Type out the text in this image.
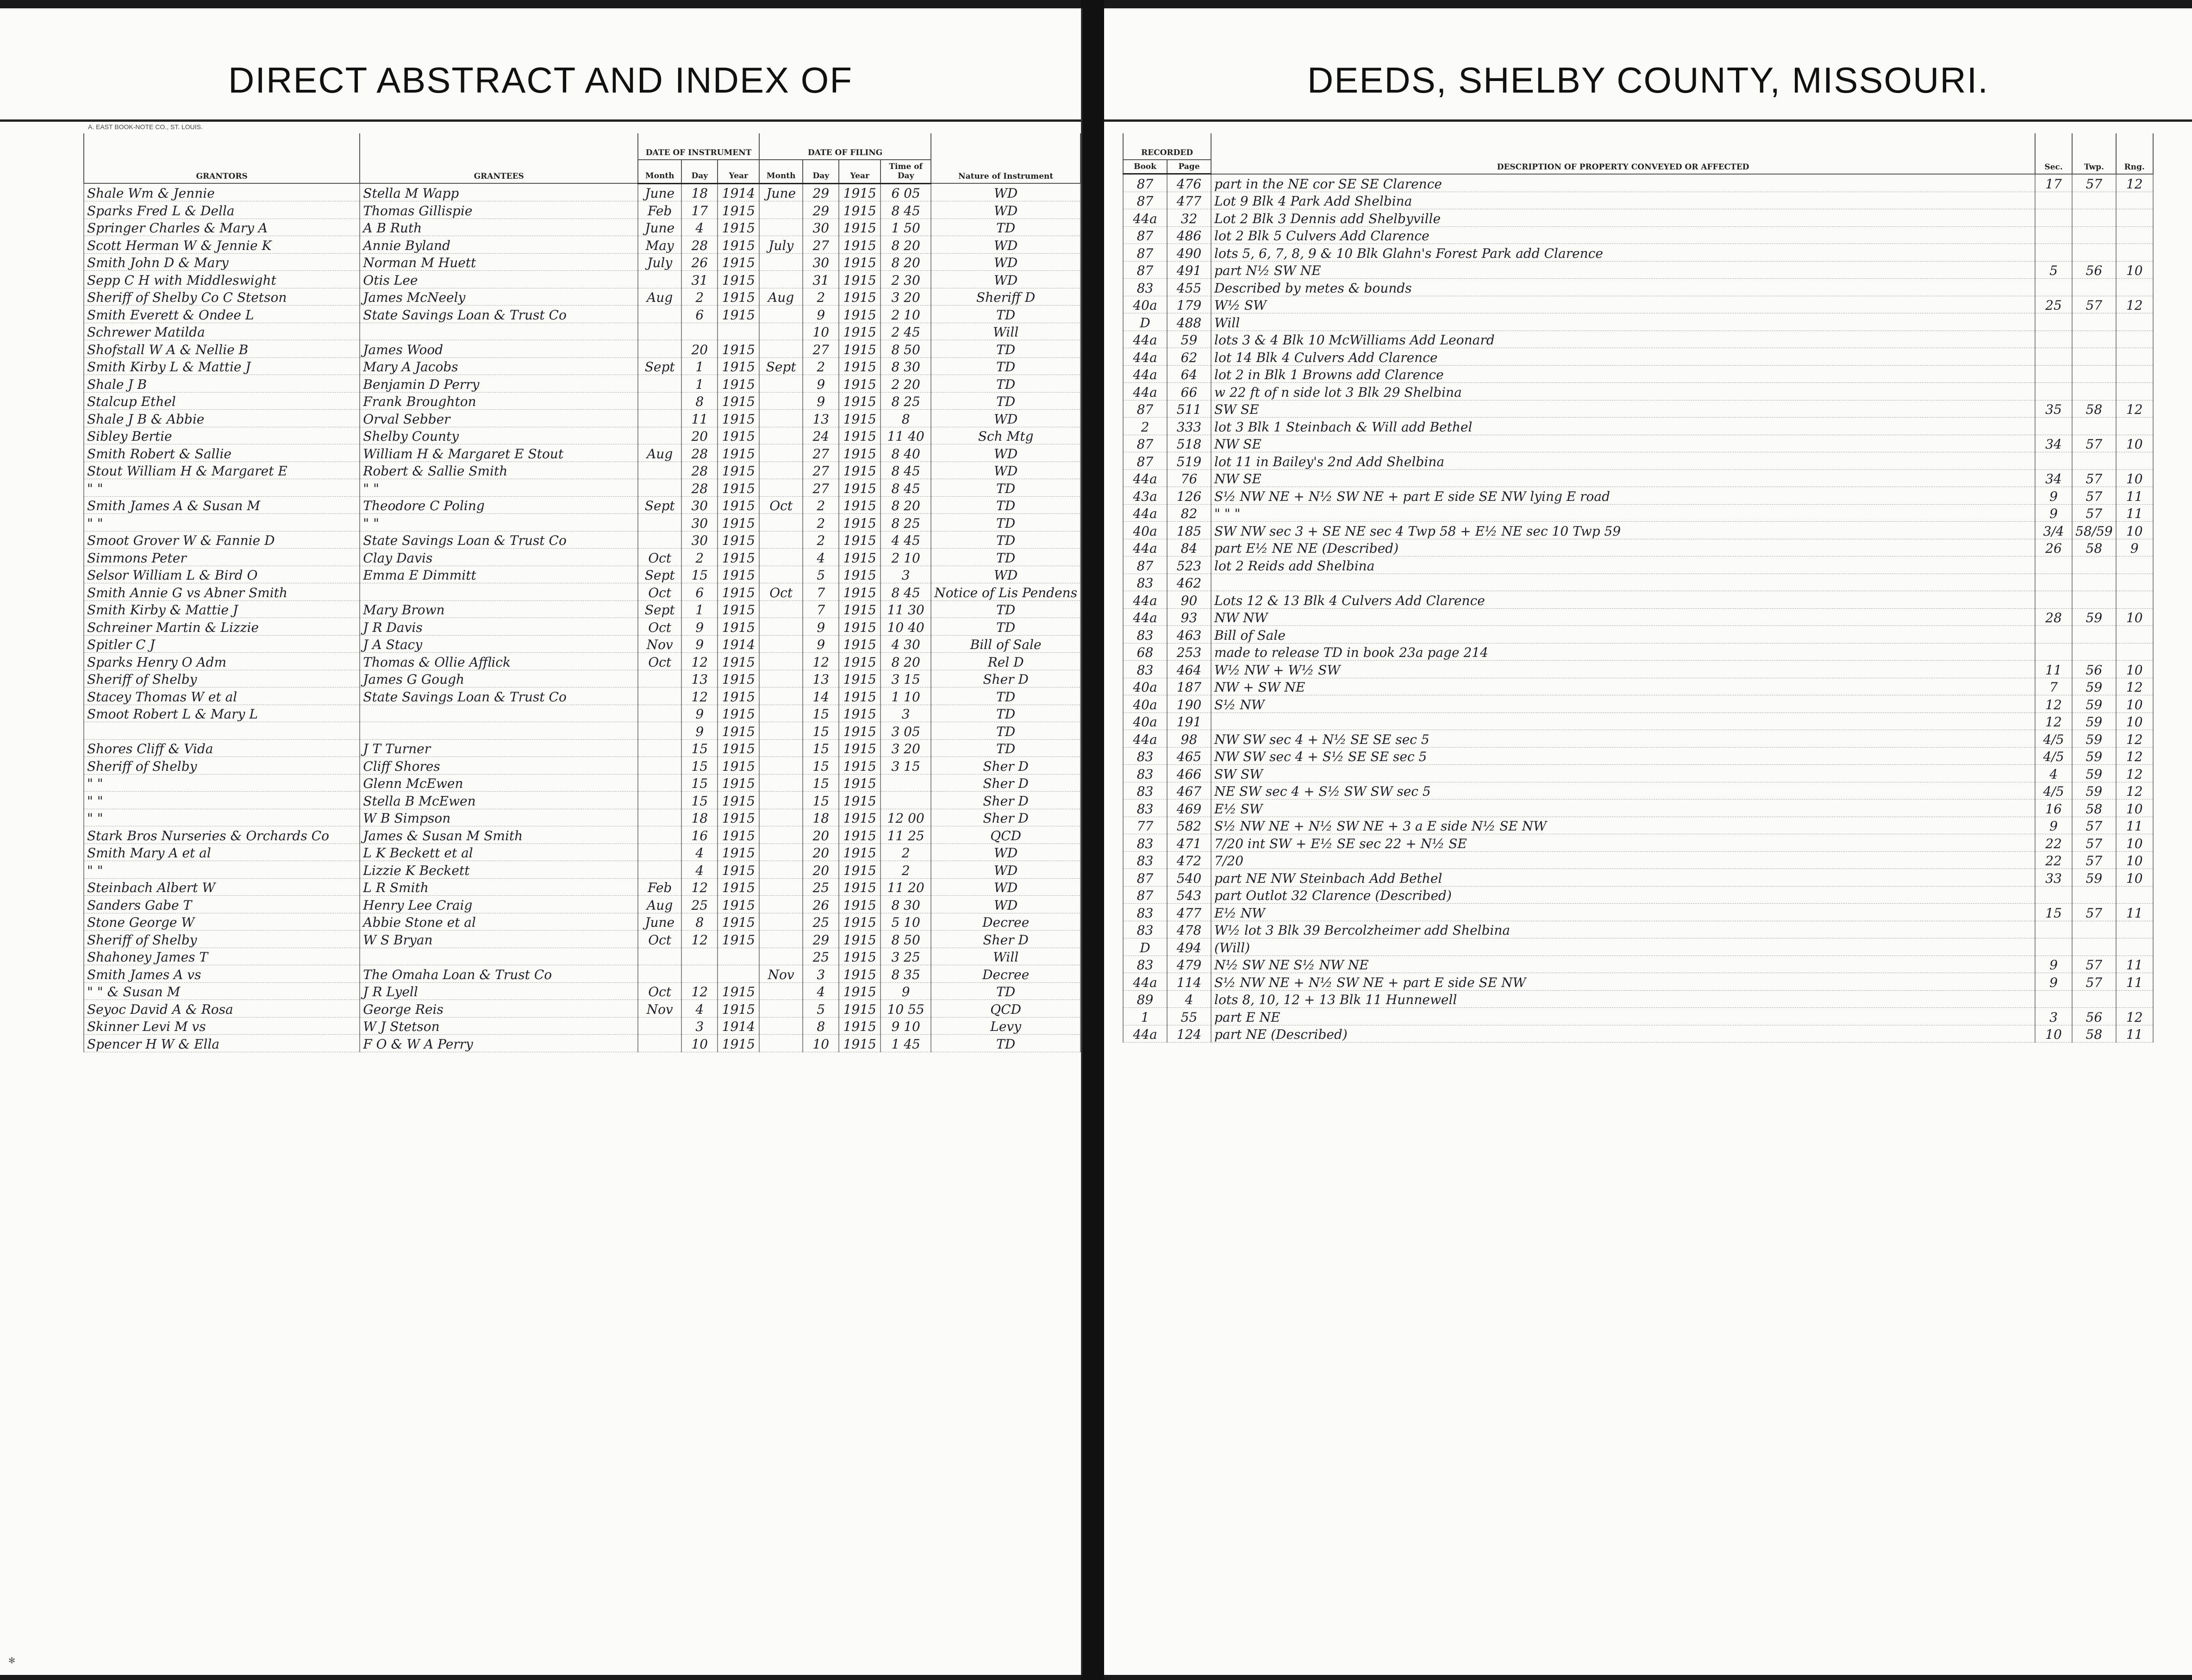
DIRECT ABSTRACT AND INDEX OF
A. EAST BOOK-NOTE CO., ST. LOUIS.
GRANTORS	GRANTEES	DATE OF INSTRUMENT			DATE OF FILING				Nature of Instrument
		Month	Day	Year	Month	Day	Year	Time of Day	
Shale Wm & Jennie	Stella M Wapp	June	18	1914	June	29	1915	6 05	WD
Sparks Fred L & Della	Thomas Gillispie	Feb	17	1915		29	1915	8 45	WD
Springer Charles & Mary A	A B Ruth	June	4	1915		30	1915	1 50	TD
Scott Herman W & Jennie K	Annie Byland	May	28	1915	July	27	1915	8 20	WD
Smith John D & Mary	Norman M Huett	July	26	1915		30	1915	8 20	WD
Sepp C H with Middleswight	Otis Lee		31	1915		31	1915	2 30	WD
Sheriff of Shelby Co C Stetson	James McNeely	Aug	2	1915	Aug	2	1915	3 20	Sheriff D
Smith Everett & Ondee L	State Savings Loan & Trust Co		6	1915		9	1915	2 10	TD
Schrewer Matilda						10	1915	2 45	Will
Shofstall W A & Nellie B	James Wood		20	1915		27	1915	8 50	TD
Smith Kirby L & Mattie J	Mary A Jacobs	Sept	1	1915	Sept	2	1915	8 30	TD
Shale J B	Benjamin D Perry		1	1915		9	1915	2 20	TD
Stalcup Ethel	Frank Broughton		8	1915		9	1915	8 25	TD
Shale J B & Abbie	Orval Sebber		11	1915		13	1915	8	WD
Sibley Bertie	Shelby County		20	1915		24	1915	11 40	Sch Mtg
Smith Robert & Sallie	William H & Margaret E Stout	Aug	28	1915		27	1915	8 40	WD
Stout William H & Margaret E	Robert & Sallie Smith		28	1915		27	1915	8 45	WD
" "	" "		28	1915		27	1915	8 45	TD
Smith James A & Susan M	Theodore C Poling	Sept	30	1915	Oct	2	1915	8 20	TD
" "	" "		30	1915		2	1915	8 25	TD
Smoot Grover W & Fannie D	State Savings Loan & Trust Co		30	1915		2	1915	4 45	TD
Simmons Peter	Clay Davis	Oct	2	1915		4	1915	2 10	TD
Selsor William L & Bird O	Emma E Dimmitt	Sept	15	1915		5	1915	3	WD
Smith Annie G vs Abner Smith		Oct	6	1915	Oct	7	1915	8 45	Notice of Lis Pendens
Smith Kirby & Mattie J	Mary Brown	Sept	1	1915		7	1915	11 30	TD
Schreiner Martin & Lizzie	J R Davis	Oct	9	1915		9	1915	10 40	TD
Spitler C J	J A Stacy	Nov	9	1914		9	1915	4 30	Bill of Sale
Sparks Henry O Adm	Thomas & Ollie Afflick	Oct	12	1915		12	1915	8 20	Rel D
Sheriff of Shelby	James G Gough		13	1915		13	1915	3 15	Sher D
Stacey Thomas W et al	State Savings Loan & Trust Co		12	1915		14	1915	1 10	TD
Smoot Robert L & Mary L			9	1915		15	1915	3	TD
			9	1915		15	1915	3 05	TD
Shores Cliff & Vida	J T Turner		15	1915		15	1915	3 20	TD
Sheriff of Shelby	Cliff Shores		15	1915		15	1915	3 15	Sher D
" "	Glenn McEwen		15	1915		15	1915		Sher D
" "	Stella B McEwen		15	1915		15	1915		Sher D
" "	W B Simpson		18	1915		18	1915	12 00	Sher D
Stark Bros Nurseries & Orchards Co	James & Susan M Smith		16	1915		20	1915	11 25	QCD
Smith Mary A et al	L K Beckett et al		4	1915		20	1915	2	WD
" "	Lizzie K Beckett		4	1915		20	1915	2	WD
Steinbach Albert W	L R Smith	Feb	12	1915		25	1915	11 20	WD
Sanders Gabe T	Henry Lee Craig	Aug	25	1915		26	1915	8 30	WD
Stone George W	Abbie Stone et al	June	8	1915		25	1915	5 10	Decree
Sheriff of Shelby	W S Bryan	Oct	12	1915		29	1915	8 50	Sher D
Shahoney James T						25	1915	3 25	Will
Smith James A vs	The Omaha Loan & Trust Co				Nov	3	1915	8 35	Decree
" " & Susan M	J R Lyell	Oct	12	1915		4	1915	9	TD
Seyoc David A & Rosa	George Reis	Nov	4	1915		5	1915	10 55	QCD
Skinner Levi M vs	W J Stetson		3	1914		8	1915	9 10	Levy
Spencer H W & Ella	F O & W A Perry		10	1915		10	1915	1 45	TD
✻
DEEDS, SHELBY COUNTY, MISSOURI.
RECORDED		DESCRIPTION OF PROPERTY CONVEYED OR AFFECTED	Sec.	Twp.	Rng.
Book	Page				
87	476	part in the NE cor SE SE Clarence	17	57	12
87	477	Lot 9 Blk 4 Park Add Shelbina			
44a	32	Lot 2 Blk 3 Dennis add Shelbyville			
87	486	lot 2 Blk 5 Culvers Add Clarence			
87	490	lots 5, 6, 7, 8, 9 & 10 Blk Glahn's Forest Park add Clarence			
87	491	part N½ SW NE	5	56	10
83	455	Described by metes & bounds			
40a	179	W½ SW	25	57	12
D	488	Will			
44a	59	lots 3 & 4 Blk 10 McWilliams Add Leonard			
44a	62	lot 14 Blk 4 Culvers Add Clarence			
44a	64	lot 2 in Blk 1 Browns add Clarence			
44a	66	w 22 ft of n side lot 3 Blk 29 Shelbina			
87	511	SW SE	35	58	12
2	333	lot 3 Blk 1 Steinbach & Will add Bethel			
87	518	NW SE	34	57	10
87	519	lot 11 in Bailey's 2nd Add Shelbina			
44a	76	NW SE	34	57	10
43a	126	S½ NW NE + N½ SW NE + part E side SE NW lying E road	9	57	11
44a	82	" " "	9	57	11
40a	185	SW NW sec 3 + SE NE sec 4 Twp 58 + E½ NE sec 10 Twp 59	3/4	58/59	10
44a	84	part E½ NE NE (Described)	26	58	9
87	523	lot 2 Reids add Shelbina			
83	462				
44a	90	Lots 12 & 13 Blk 4 Culvers Add Clarence			
44a	93	NW NW	28	59	10
83	463	Bill of Sale			
68	253	made to release TD in book 23a page 214			
83	464	W½ NW + W½ SW	11	56	10
40a	187	NW + SW NE	7	59	12
40a	190	S½ NW	12	59	10
40a	191		12	59	10
44a	98	NW SW sec 4 + N½ SE SE sec 5	4/5	59	12
83	465	NW SW sec 4 + S½ SE SE sec 5	4/5	59	12
83	466	SW SW	4	59	12
83	467	NE SW sec 4 + S½ SW SW sec 5	4/5	59	12
83	469	E½ SW	16	58	10
77	582	S½ NW NE + N½ SW NE + 3 a E side N½ SE NW	9	57	11
83	471	7/20 int SW + E½ SE sec 22 + N½ SE	22	57	10
83	472	7/20	22	57	10
87	540	part NE NW Steinbach Add Bethel	33	59	10
87	543	part Outlot 32 Clarence (Described)			
83	477	E½ NW	15	57	11
83	478	W½ lot 3 Blk 39 Bercolzheimer add Shelbina			
D	494	(Will)			
83	479	N½ SW NE S½ NW NE	9	57	11
44a	114	S½ NW NE + N½ SW NE + part E side SE NW	9	57	11
89	4	lots 8, 10, 12 + 13 Blk 11 Hunnewell			
1	55	part E NE	3	56	12
44a	124	part NE (Described)	10	58	11
